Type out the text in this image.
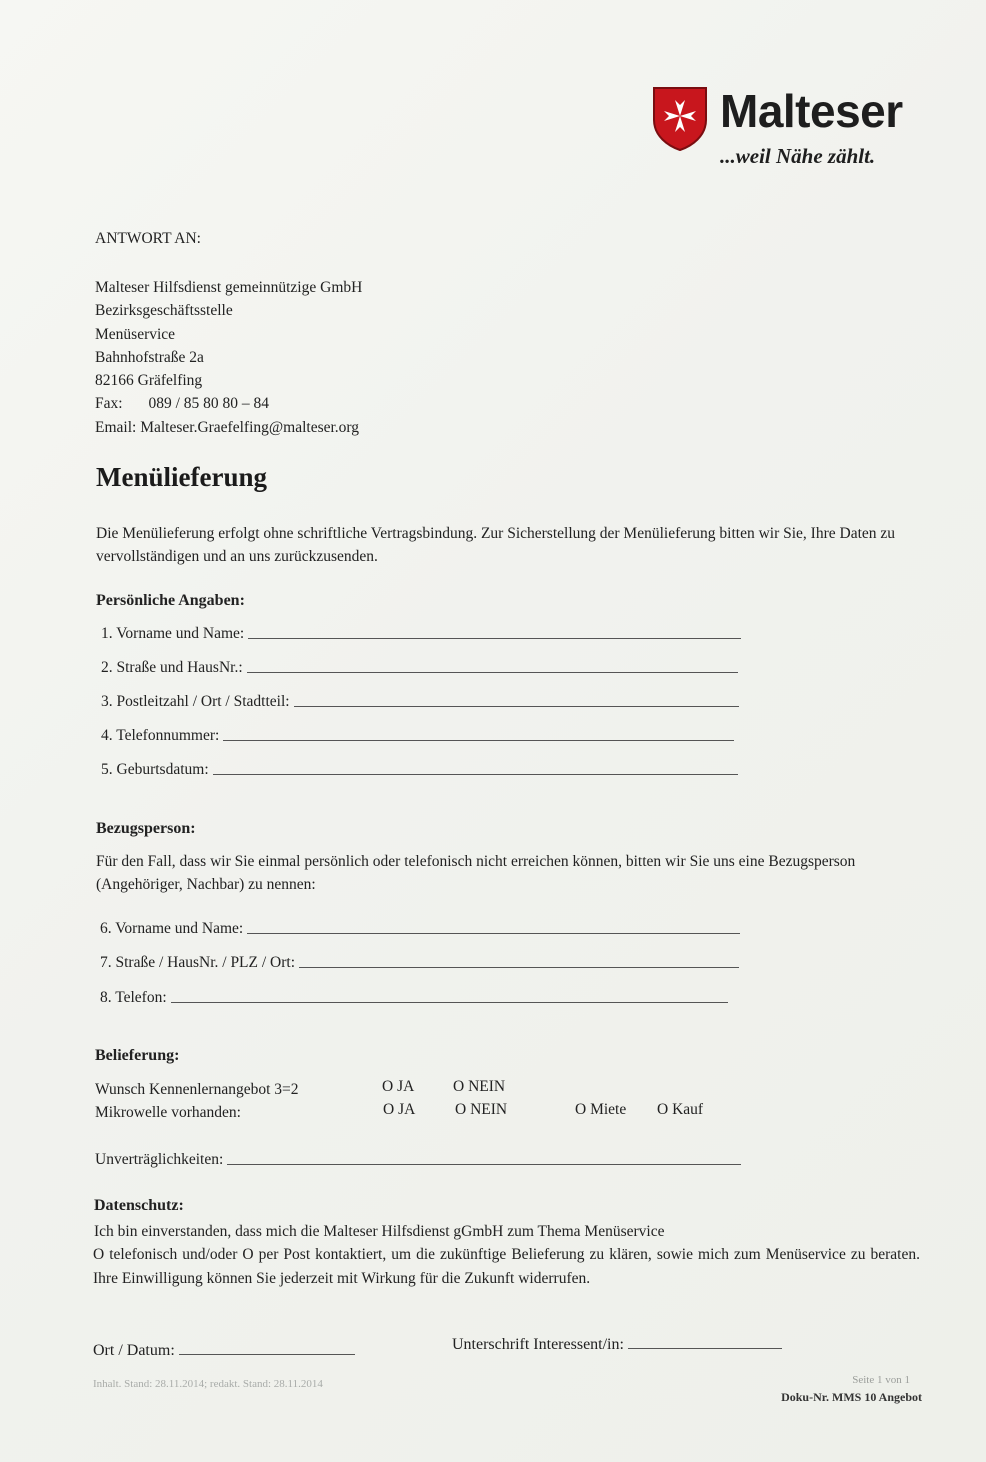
Malteser
...weil Nähe zählt.
ANTWORT AN:
Malteser Hilfsdienst gemeinnützige GmbH
Bezirksgeschäftsstelle
Menüservice
Bahnhofstraße 2a
82166 Gräfelfing
Fax: 089 / 85 80 80 – 84
Email: Malteser.Graefelfing@malteser.org
Menülieferung
Die Menülieferung erfolgt ohne schriftliche Vertragsbindung. Zur Sicherstellung der Menülieferung bitten wir Sie, Ihre Daten zu vervollständigen und an uns zurückzusenden.
Persönliche Angaben:
1. Vorname und Name:
2. Straße und HausNr.:
3. Postleitzahl / Ort / Stadtteil:
4. Telefonnummer:
5. Geburtsdatum:
Bezugsperson:
Für den Fall, dass wir Sie einmal persönlich oder telefonisch nicht erreichen können, bitten wir Sie uns eine Bezugsperson (Angehöriger, Nachbar) zu nennen:
6. Vorname und Name:
7. Straße / HausNr. / PLZ / Ort:
8. Telefon:
Belieferung:
Wunsch Kennenlernangebot 3=2	O JA O NEIN
Mikrowelle vorhanden:	O JA	O NEIN	O Miete O Kauf
Unverträglichkeiten:
Datenschutz:
Ich bin einverstanden, dass mich die Malteser Hilfsdienst gGmbH zum Thema Menüservice
O telefonisch und/oder O per Post kontaktiert, um die zukünftige Belieferung zu klären, sowie mich zum Menüservice zu beraten. Ihre Einwilligung können Sie jederzeit mit Wirkung für die Zukunft widerrufen.
Ort / Datum:	Unterschrift Interessent/in:
Inhalt. Stand: 28.11.2014; redakt. Stand: 28.11.2014	Seite 1 von 1
Doku-Nr. MMS 10 Angebot
